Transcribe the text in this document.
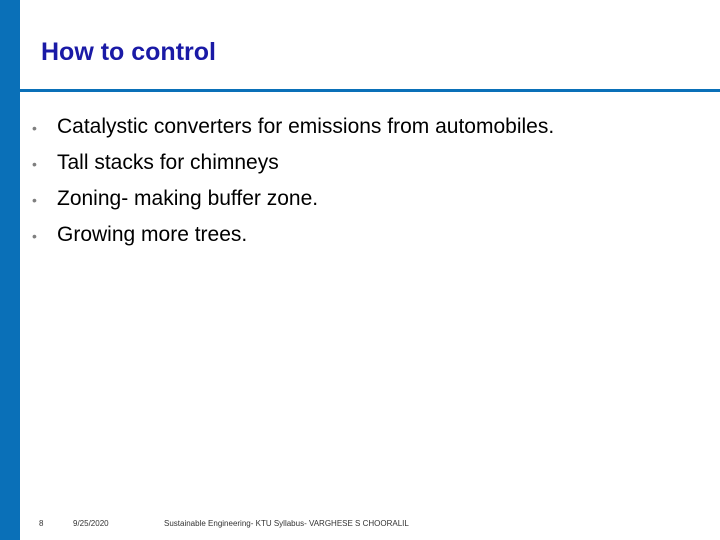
How to control
• Catalystic converters for emissions from automobiles.
• Tall stacks for chimneys
• Zoning- making buffer zone.
• Growing more trees.
8	9/25/2020	Sustainable Engineering- KTU Syllabus- VARGHESE S CHOORALIL
